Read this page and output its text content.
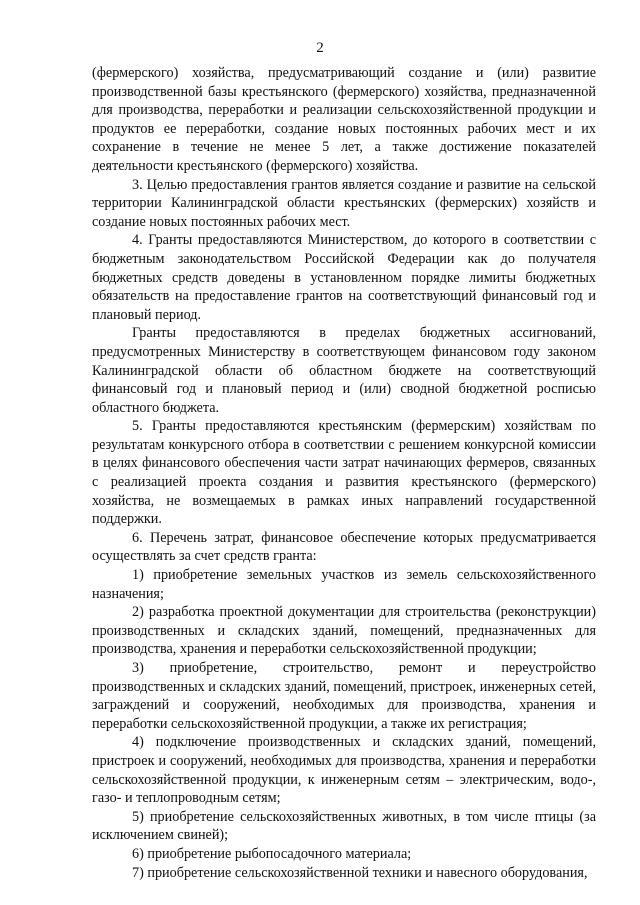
2

(фермерского) хозяйства, предусматривающий создание и (или) развитие производственной базы крестьянского (фермерского) хозяйства, предназначенной для производства, переработки и реализации сельскохозяйственной продукции и продуктов ее переработки, создание новых постоянных рабочих мест и их сохранение в течение не менее 5 лет, а также достижение показателей деятельности крестьянского (фермерского) хозяйства.

3. Целью предоставления грантов является создание и развитие на сельской территории Калининградской области крестьянских (фермерских) хозяйств и создание новых постоянных рабочих мест.

4. Гранты предоставляются Министерством, до которого в соответствии с бюджетным законодательством Российской Федерации как до получателя бюджетных средств доведены в установленном порядке лимиты бюджетных обязательств на предоставление грантов на соответствующий финансовый год и плановый период.

Гранты предоставляются в пределах бюджетных ассигнований, предусмотренных Министерству в соответствующем финансовом году законом Калининградской области об областном бюджете на соответствующий финансовый год и плановый период и (или) сводной бюджетной росписью областного бюджета.

5. Гранты предоставляются крестьянским (фермерским) хозяйствам по результатам конкурсного отбора в соответствии с решением конкурсной комиссии в целях финансового обеспечения части затрат начинающих фермеров, связанных с реализацией проекта создания и развития крестьянского (фермерского) хозяйства, не возмещаемых в рамках иных направлений государственной поддержки.

6. Перечень затрат, финансовое обеспечение которых предусматривается осуществлять за счет средств гранта:

1) приобретение земельных участков из земель сельскохозяйственного назначения;

2) разработка проектной документации для строительства (реконструкции) производственных и складских зданий, помещений, предназначенных для производства, хранения и переработки сельскохозяйственной продукции;

3) приобретение, строительство, ремонт и переустройство производственных и складских зданий, помещений, пристроек, инженерных сетей, заграждений и сооружений, необходимых для производства, хранения и переработки сельскохозяйственной продукции, а также их регистрация;

4) подключение производственных и складских зданий, помещений, пристроек и сооружений, необходимых для производства, хранения и переработки сельскохозяйственной продукции, к инженерным сетям – электрическим, водо-, газо- и теплопроводным сетям;

5) приобретение сельскохозяйственных животных, в том числе птицы (за исключением свиней);

6) приобретение рыбопосадочного материала;

7) приобретение сельскохозяйственной техники и навесного оборудования,
